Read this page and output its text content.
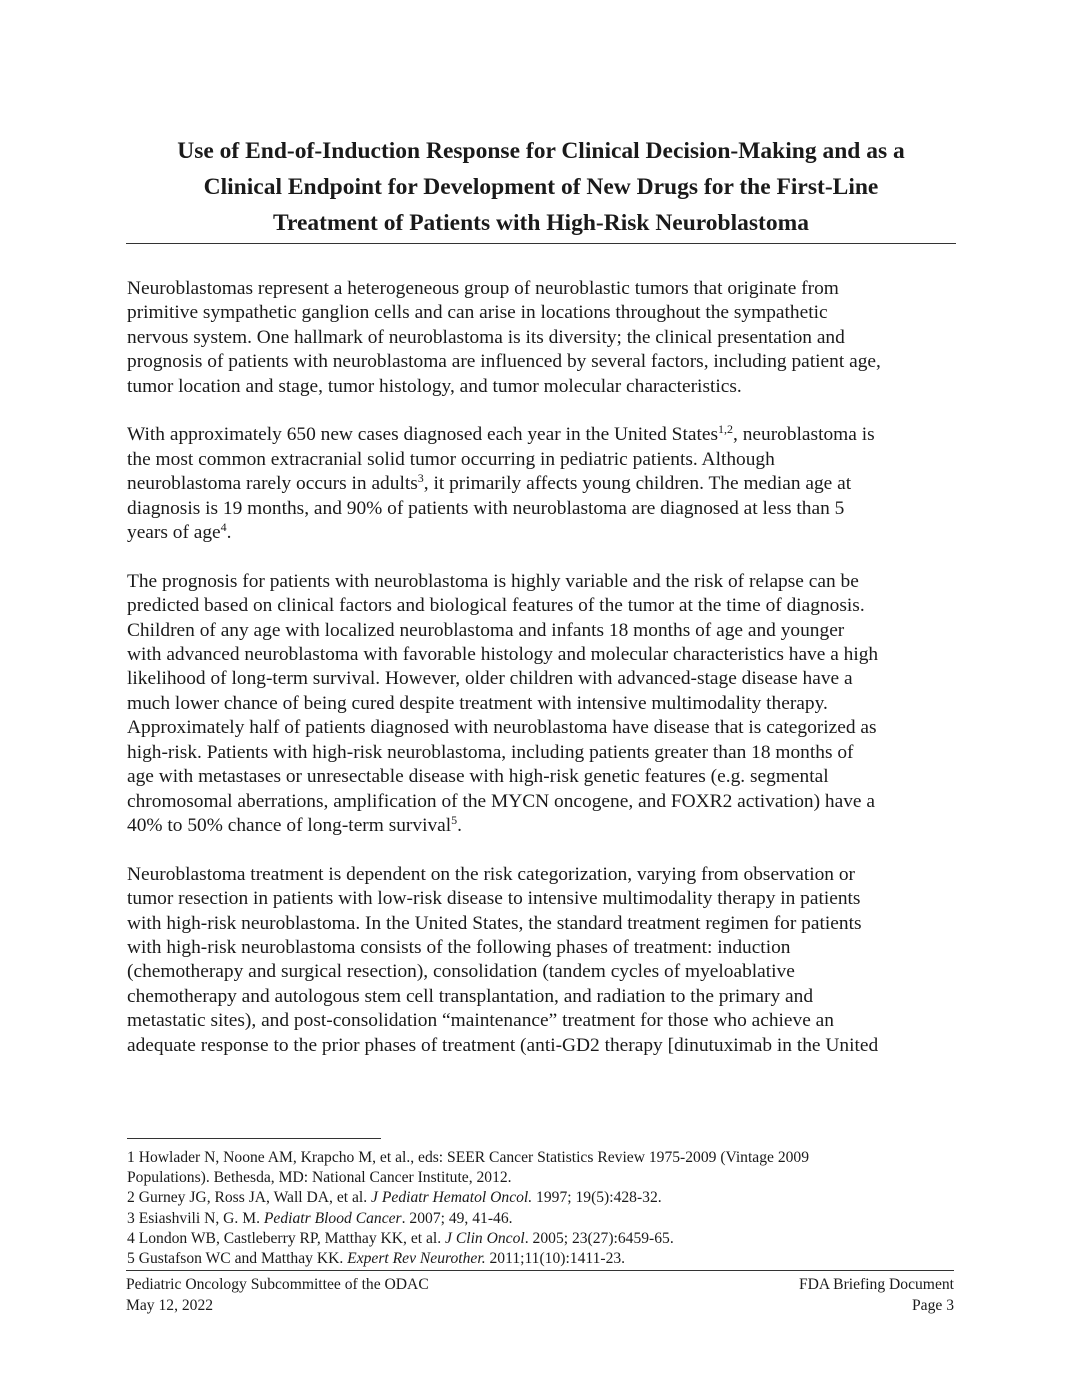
Use of End-of-Induction Response for Clinical Decision-Making and as a
Clinical Endpoint for Development of New Drugs for the First-Line
Treatment of Patients with High-Risk Neuroblastoma

Neuroblastomas represent a heterogeneous group of neuroblastic tumors that originate from
primitive sympathetic ganglion cells and can arise in locations throughout the sympathetic
nervous system. One hallmark of neuroblastoma is its diversity; the clinical presentation and
prognosis of patients with neuroblastoma are influenced by several factors, including patient age,
tumor location and stage, tumor histology, and tumor molecular characteristics.

With approximately 650 new cases diagnosed each year in the United States$^{1,2}$, neuroblastoma is
the most common extracranial solid tumor occurring in pediatric patients. Although
neuroblastoma rarely occurs in adults$^3$, it primarily affects young children. The median age at
diagnosis is 19 months, and 90% of patients with neuroblastoma are diagnosed at less than 5
years of age$^4$.

The prognosis for patients with neuroblastoma is highly variable and the risk of relapse can be
predicted based on clinical factors and biological features of the tumor at the time of diagnosis.
Children of any age with localized neuroblastoma and infants 18 months of age and younger
with advanced neuroblastoma with favorable histology and molecular characteristics have a high
likelihood of long-term survival. However, older children with advanced-stage disease have a
much lower chance of being cured despite treatment with intensive multimodality therapy.
Approximately half of patients diagnosed with neuroblastoma have disease that is categorized as
high-risk. Patients with high-risk neuroblastoma, including patients greater than 18 months of
age with metastases or unresectable disease with high-risk genetic features (e.g. segmental
chromosomal aberrations, amplification of the MYCN oncogene, and FOXR2 activation) have a
40% to 50% chance of long-term survival$^5$.

Neuroblastoma treatment is dependent on the risk categorization, varying from observation or
tumor resection in patients with low-risk disease to intensive multimodality therapy in patients
with high-risk neuroblastoma. In the United States, the standard treatment regimen for patients
with high-risk neuroblastoma consists of the following phases of treatment: induction
(chemotherapy and surgical resection), consolidation (tandem cycles of myeloablative
chemotherapy and autologous stem cell transplantation, and radiation to the primary and
metastatic sites), and post-consolidation “maintenance” treatment for those who achieve an
adequate response to the prior phases of treatment (anti-GD2 therapy [dinutuximab in the United

1 Howlader N, Noone AM, Krapcho M, et al., eds: SEER Cancer Statistics Review 1975-2009 (Vintage 2009
Populations). Bethesda, MD: National Cancer Institute, 2012.
2 Gurney JG, Ross JA, Wall DA, et al. J Pediatr Hematol Oncol. 1997; 19(5):428-32.
3 Esiashvili N, G. M. Pediatr Blood Cancer. 2007; 49, 41-46.
4 London WB, Castleberry RP, Matthay KK, et al. J Clin Oncol. 2005; 23(27):6459-65.
5 Gustafson WC and Matthay KK. Expert Rev Neurother. 2011;11(10):1411-23.
Pediatric Oncology Subcommittee of the ODAC
May 12, 2022
FDA Briefing Document
Page 3
